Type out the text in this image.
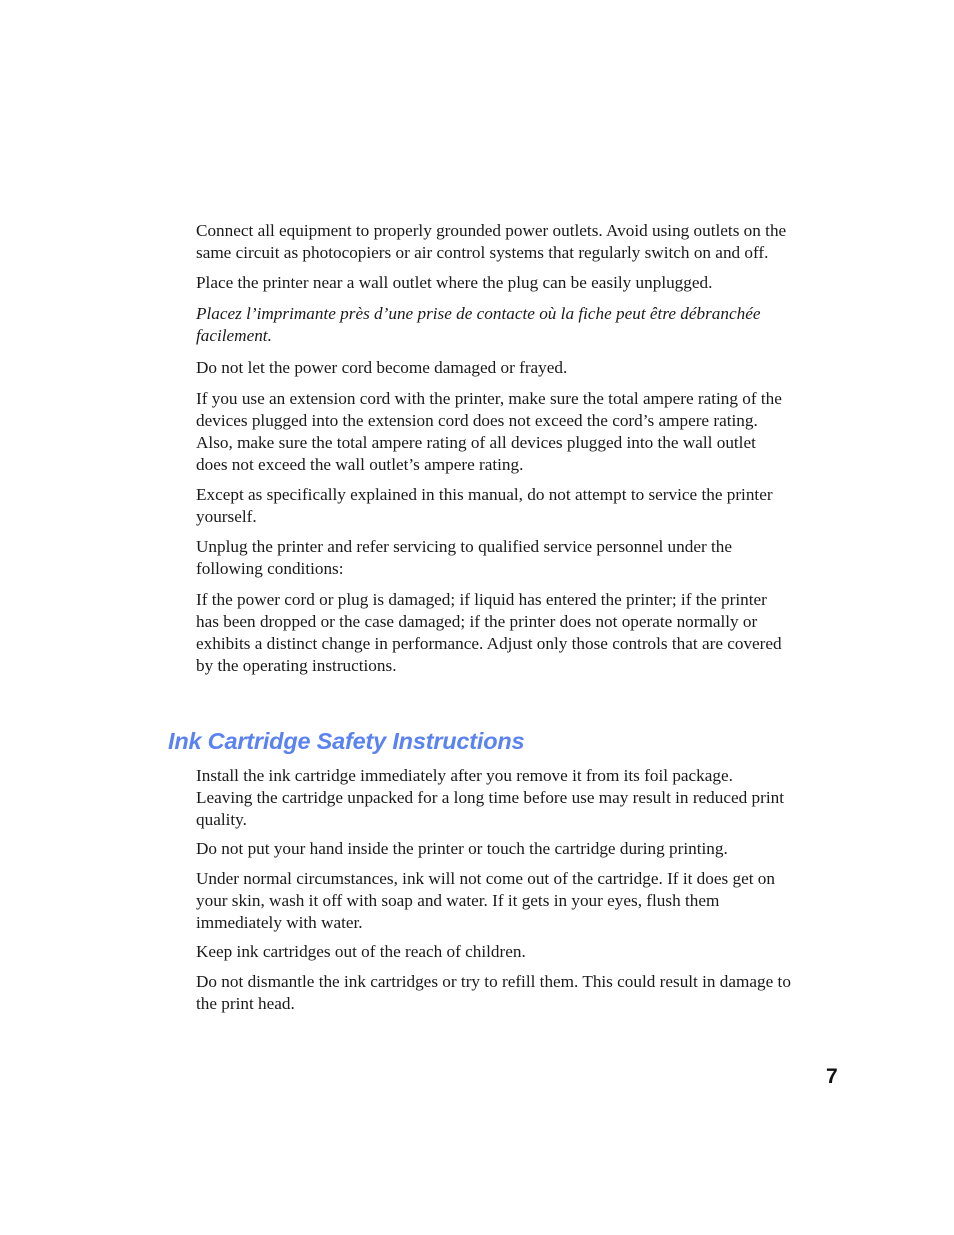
Connect all equipment to properly grounded power outlets. Avoid using outlets on the same circuit as photocopiers or air control systems that regularly switch on and off.

Place the printer near a wall outlet where the plug can be easily unplugged.

Placez l’imprimante près d’une prise de contacte où la fiche peut être débranchée facilement.

Do not let the power cord become damaged or frayed.

If you use an extension cord with the printer, make sure the total ampere rating of the devices plugged into the extension cord does not exceed the cord’s ampere rating. Also, make sure the total ampere rating of all devices plugged into the wall outlet does not exceed the wall outlet’s ampere rating.

Except as specifically explained in this manual, do not attempt to service the printer yourself.

Unplug the printer and refer servicing to qualified service personnel under the following conditions:

If the power cord or plug is damaged; if liquid has entered the printer; if the printer has been dropped or the case damaged; if the printer does not operate normally or exhibits a distinct change in performance. Adjust only those controls that are covered by the operating instructions.

Ink Cartridge Safety Instructions

Install the ink cartridge immediately after you remove it from its foil package. Leaving the cartridge unpacked for a long time before use may result in reduced print quality.

Do not put your hand inside the printer or touch the cartridge during printing.

Under normal circumstances, ink will not come out of the cartridge. If it does get on your skin, wash it off with soap and water. If it gets in your eyes, flush them immediately with water.

Keep ink cartridges out of the reach of children.

Do not dismantle the ink cartridges or try to refill them. This could result in damage to the print head.

7
